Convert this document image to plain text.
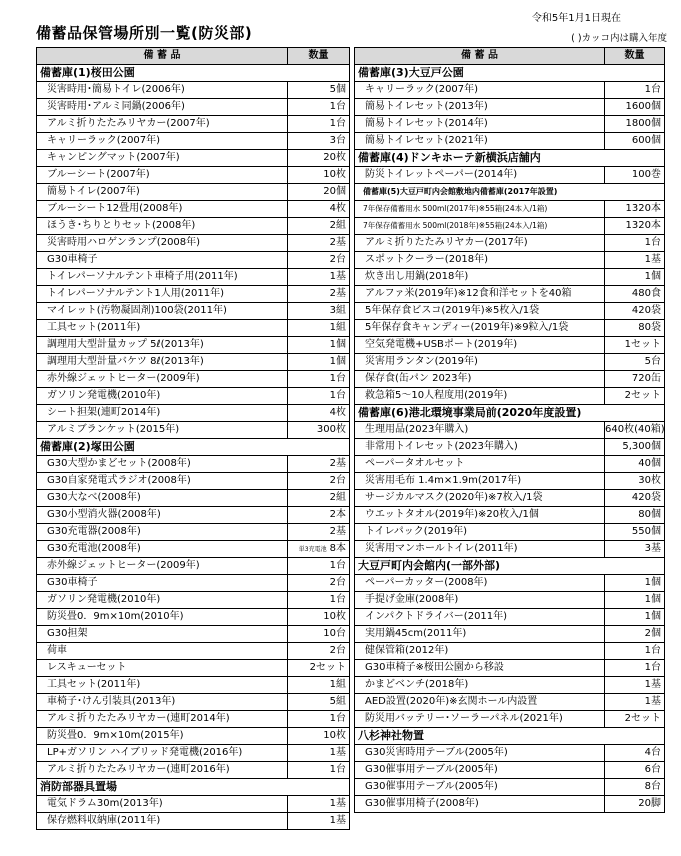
令和5年1月1日現在
備蓄品保管場所別一覧(防災部)	( )カッコ内は購入年度
備 蓄 品	数量
備蓄庫(1)桜田公園
災害時用･簡易トイレ(2006年)	5個
災害時用･アルミ同鍋(2006年)	1台
アルミ折りたたみリヤカー(2007年)	1台
キャリーラック(2007年)	3台
キャンピングマット(2007年)	20枚
ブルーシート(2007年)	10枚
簡易トイレ(2007年)	20個
ブルーシート12畳用(2008年)	4枚
ほうき･ちりとりセット(2008年)	2組
災害時用ハロゲンランプ(2008年)	2基
G30車椅子	2台
トイレパーソナルテント車椅子用(2011年)	1基
トイレパーソナルテント1人用(2011年)	2基
マイレット(汚物凝固剤)100袋(2011年)	3組
工具セット(2011年)	1組
調理用大型計量カップ 5ℓ(2013年)	1個
調理用大型計量バケツ 8ℓ(2013年)	1個
赤外線ジェットヒーター(2009年)	1台
ガソリン発電機(2010年)	1台
シート担架(連町2014年)	4枚
アルミブランケット(2015年)	300枚
備蓄庫(2)塚田公園
G30大型かまどセット(2008年)	2基
G30自家発電式ラジオ(2008年)	2台
G30大なべ(2008年)	2組
G30小型消火器(2008年)	2本
G30充電器(2008年)	2基
G30充電池(2008年)	単3充電池 8本
赤外線ジェットヒーター(2009年)	1台
G30車椅子	2台
ガソリン発電機(2010年)	1台
防災畳0．9m×10m(2010年)	10枚
G30担架	10台
荷車	2台
レスキューセット	2セット
工具セット(2011年)	1組
車椅子･けん引装具(2013年)	5組
アルミ折りたたみリヤカー(連町2014年)	1台
防災畳0．9m×10m(2015年)	10枚
LP+ガソリン ハイブリッド発電機(2016年)	1基
アルミ折りたたみリヤカー(連町2016年)	1台
消防部器具置場
電気ドラム30m(2013年)	1基
保存燃料収納庫(2011年)	1基
備 蓄 品	数量
備蓄庫(3)大豆戸公園
キャリーラック(2007年)	1台
簡易トイレセット(2013年)	1600個
簡易トイレセット(2014年)	1800個
簡易トイレセット(2021年)	600個
備蓄庫(4)ドンキホーテ新横浜店舗内
防災トイレットペーパー(2014年)	100巻
備蓄庫(5)大豆戸町内会館敷地内備蓄庫(2017年設置)
7年保存備蓄用水 500ml(2017年)※55箱(24本入/1箱)	1320本
7年保存備蓄用水 500ml(2018年)※55箱(24本入/1箱)	1320本
アルミ折りたたみリヤカー(2017年)	1台
スポットクーラー(2018年)	1基
炊き出し用鍋(2018年)	1個
アルファ米(2019年)※12食和洋セットを40箱	480食
5年保存食ビスコ(2019年)※5枚入/1袋	420袋
5年保存食キャンディー(2019年)※9粒入/1袋	80袋
空気発電機+USBポート(2019年)	1セット
災害用ランタン(2019年)	5台
保存食(缶パン 2023年)	720缶
救急箱5～10人程度用(2019年)	2セット
備蓄庫(6)港北環境事業局前(2020年度設置)
生理用品(2023年購入)	640枚(40箱)
非常用トイレセット(2023年購入)	5,300個
ペーパータオルセット	40個
災害用毛布 1.4m×1.9m(2017年)	30枚
サージカルマスク(2020年)※7枚入/1袋	420袋
ウエットタオル(2019年)※20枚入/1個	80個
トイレパック(2019年)	550個
災害用マンホールトイレ(2011年)	3基
大豆戸町内会館内(一部外部)
ペーパーカッター(2008年)	1個
手提げ金庫(2008年)	1個
インパクトドライバー(2011年)	1個
実用鍋45cm(2011年)	2個
健保管箱(2012年)	1台
G30車椅子※桜田公園から移設	1台
かまどベンチ(2018年)	1基
AED設置(2020年)※玄関ホール内設置	1基
防災用バッテリー･ソーラーパネル(2021年)	2セット
八杉神社物置
G30災害時用テーブル(2005年)	4台
G30催事用テーブル(2005年)	6台
G30催事用テーブル(2005年)	8台
G30催事用椅子(2008年)	20脚
